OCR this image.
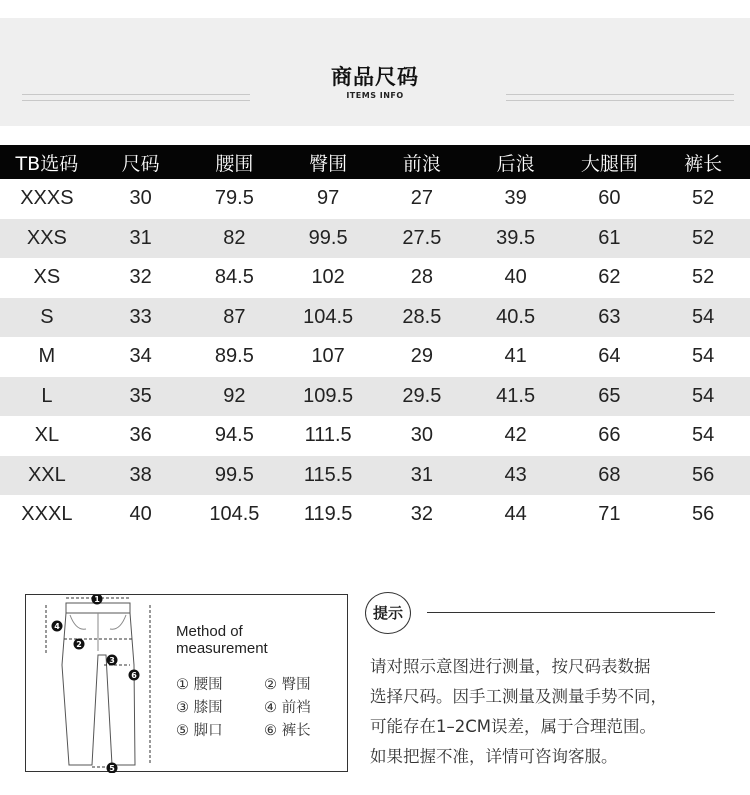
商品尺码
ITEMS INFO
TB选码	尺码	腰围	臀围	前浪	后浪	大腿围	裤长
XXXS	30	79.5	97	27	39	60	52
XXS	31	82	99.5	27.5	39.5	61	52
XS	32	84.5	102	28	40	62	52
S	33	87	104.5	28.5	40.5	63	54
M	34	89.5	107	29	41	64	54
L	35	92	109.5	29.5	41.5	65	54
XL	36	94.5	111.5	30	42	66	54
XXL	38	99.5	115.5	31	43	68	56
XXXL	40	104.5	119.5	32	44	71	56
1
2
3
4
5
6
Method of
measurement
① 腰围	② 臀围
③ 膝围	④ 前裆
⑤ 脚口	⑥ 裤长
提示
请对照示意图进行测量，按尺码表数据
选择尺码。因手工测量及测量手势不同，
可能存在1–2CM误差，属于合理范围。
如果把握不准，详情可咨询客服。
